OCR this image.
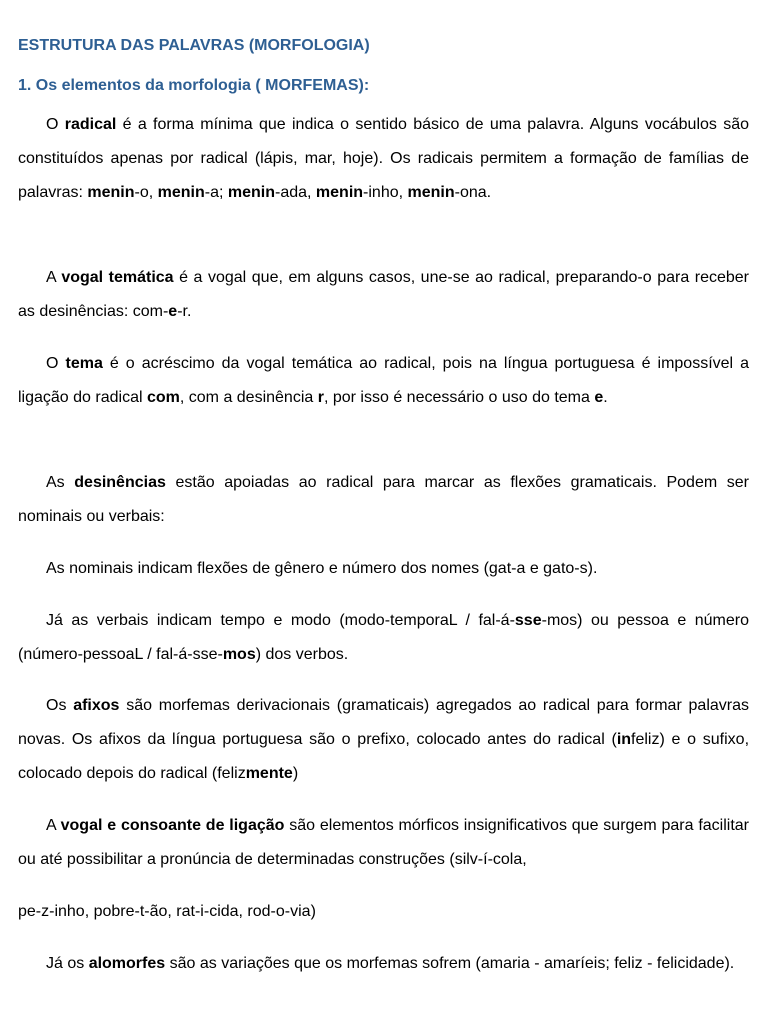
ESTRUTURA DAS PALAVRAS (MORFOLOGIA)
1. Os elementos da morfologia ( MORFEMAS):

O radical é a forma mínima que indica o sentido básico de uma palavra. Alguns vocábulos são constituídos apenas por radical (lápis, mar, hoje). Os radicais permitem a formação de famílias de palavras: menin-o, menin-a; menin-ada, menin-inho, menin-ona.

A vogal temática é a vogal que, em alguns casos, une-se ao radical, preparando-o para receber as desinências: com-e-r.

O tema é o acréscimo da vogal temática ao radical, pois na língua portuguesa é impossível a ligação do radical com, com a desinência r, por isso é necessário o uso do tema e.

As desinências estão apoiadas ao radical para marcar as flexões gramaticais. Podem ser nominais ou verbais:

As nominais indicam flexões de gênero e número dos nomes (gat-a e gato-s).

Já as verbais indicam tempo e modo (modo-temporaL / fal-á-sse-mos) ou pessoa e número (número-pessoaL / fal-á-sse-mos) dos verbos.

Os afixos são morfemas derivacionais (gramaticais) agregados ao radical para formar palavras novas. Os afixos da língua portuguesa são o prefixo, colocado antes do radical (infeliz) e o sufixo, colocado depois do radical (felizmente)

A vogal e consoante de ligação são elementos mórficos insignificativos que surgem para facilitar ou até possibilitar a pronúncia de determinadas construções (silv-í-cola,

pe-z-inho, pobre-t-ão, rat-i-cida, rod-o-via)

Já os alomorfes são as variações que os morfemas sofrem (amaria - amaríeis; feliz - felicidade).
